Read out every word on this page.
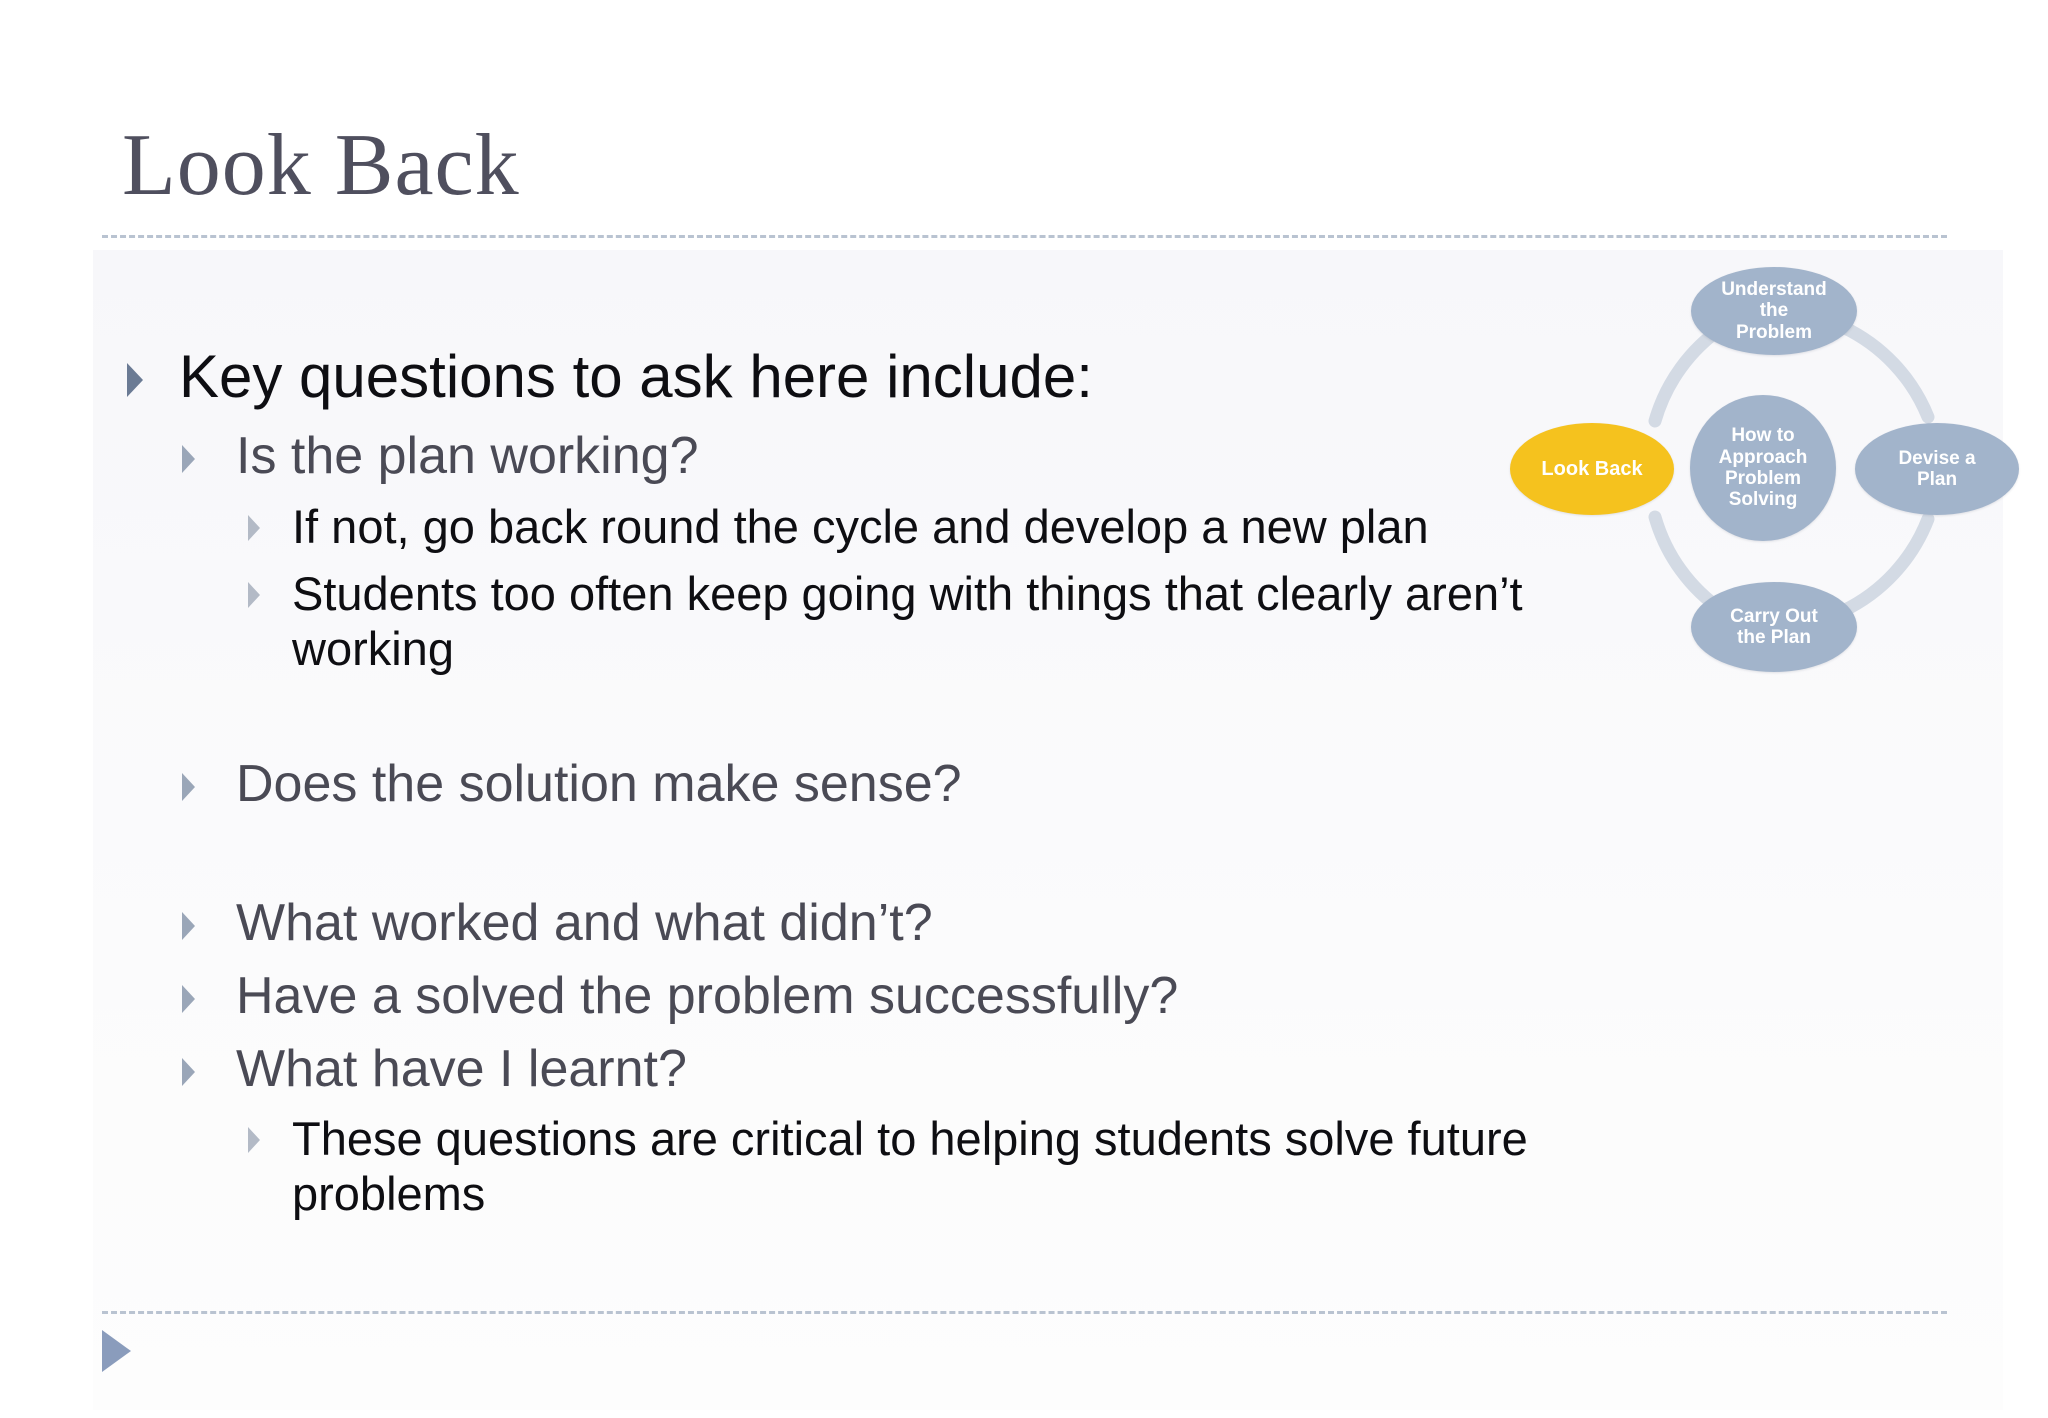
Look Back
Key questions to ask here include:
Is the plan working?
If not, go back round the cycle and develop a new plan
Students too often keep going with things that clearly aren’t
working
Does the solution make sense?
What worked and what didn’t?
Have a solved the problem successfully?
What have I learnt?
These questions are critical to helping students solve future
problems
Understand
the
Problem
Devise a
Plan
Carry Out
the Plan
Look Back
How to
Approach
Problem
Solving
